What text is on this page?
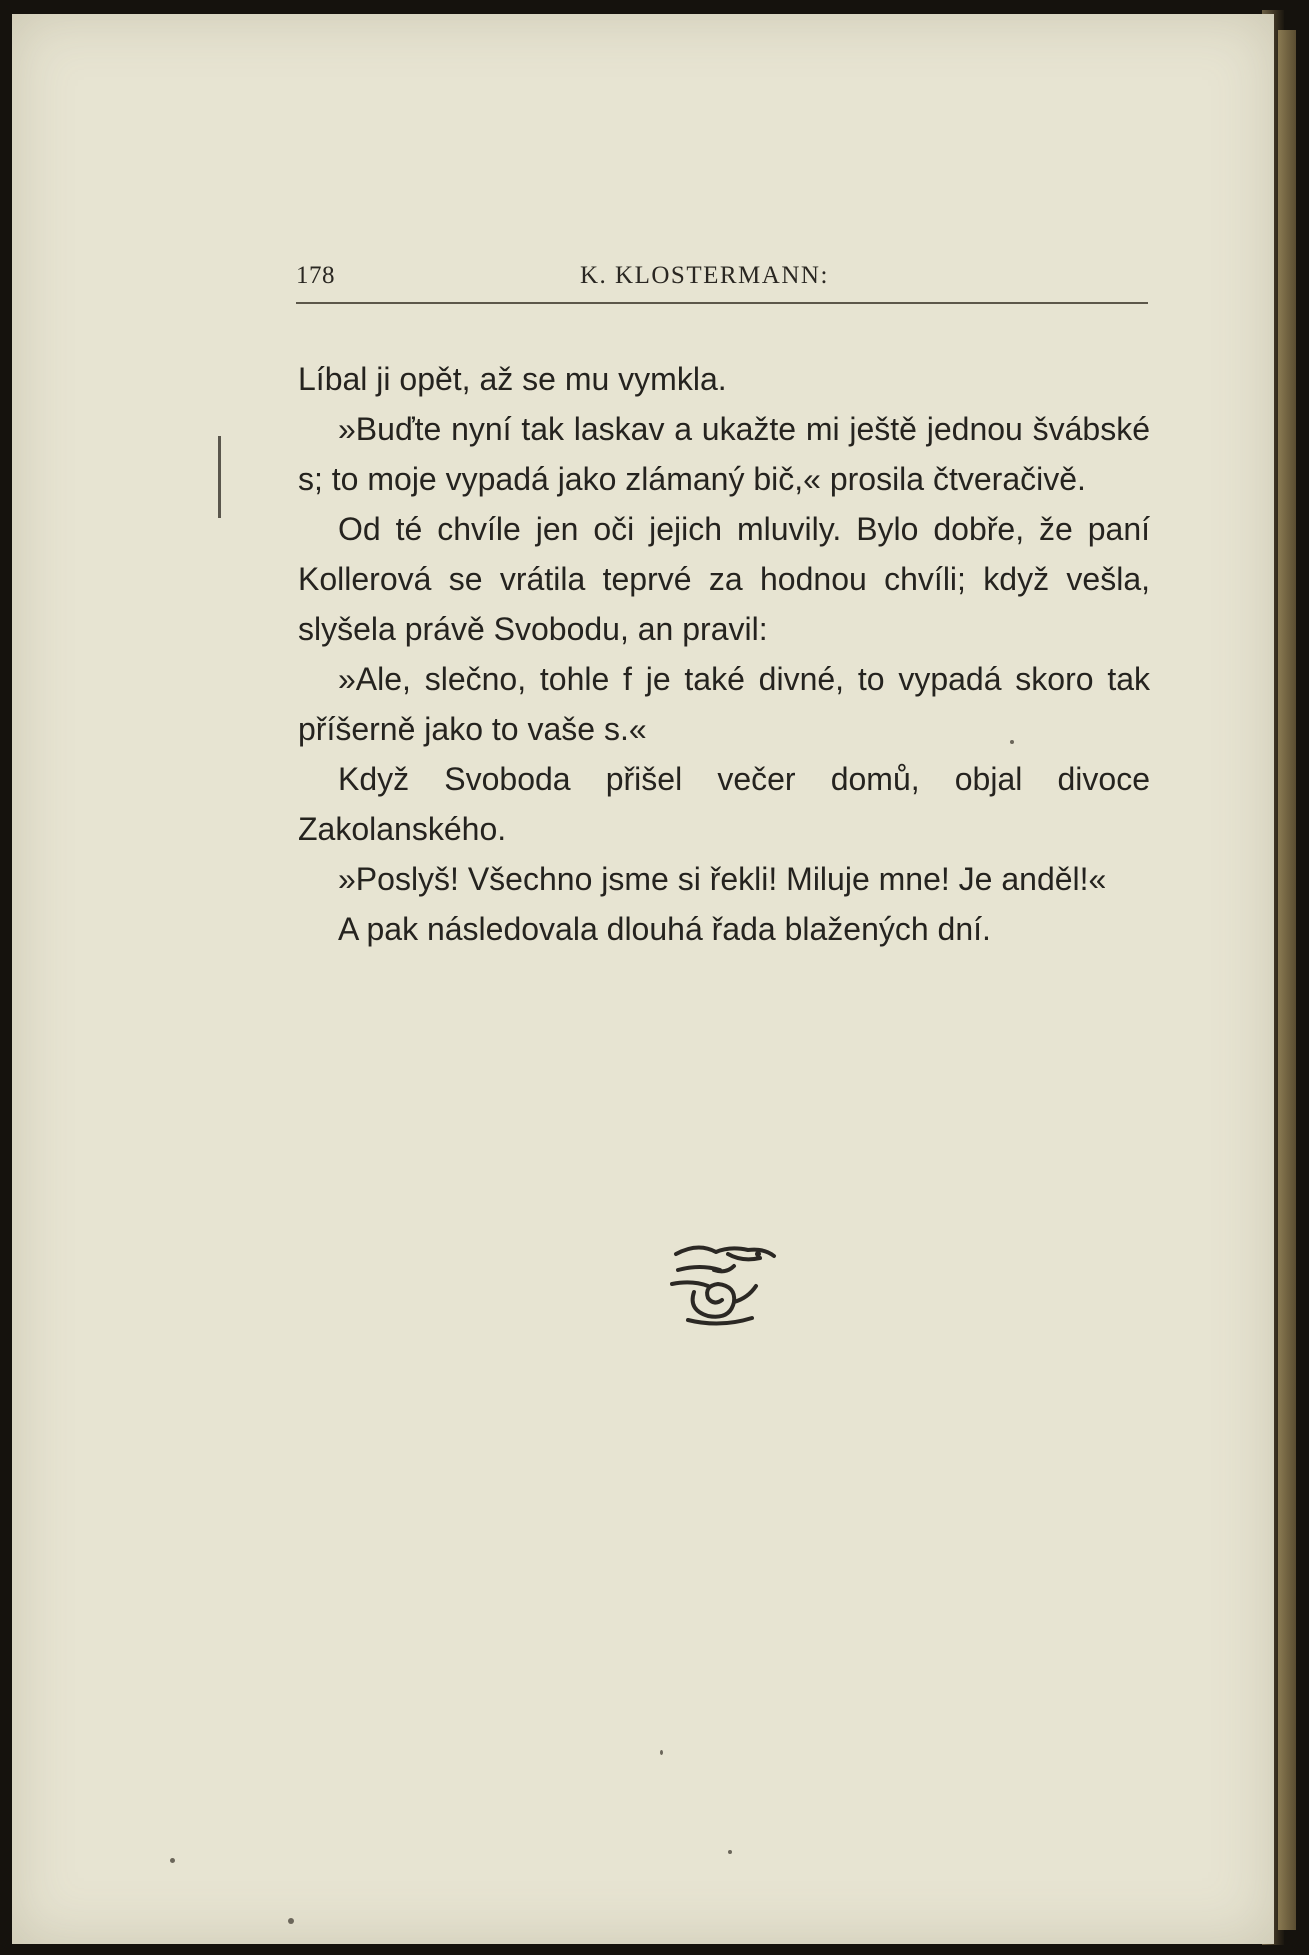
178	K. KLOSTERMANN:

Líbal ji opět, až se mu vymkla.

»Buďte nyní tak laskav a ukažte mi ještě jednou švábské s; to moje vypadá jako zlámaný bič,« prosila čtveračivě.

Od té chvíle jen oči jejich mluvily. Bylo dobře, že paní Kollerová se vrátila teprvé za hodnou chvíli; když vešla, slyšela právě Svobodu, an pravil:

»Ale, slečno, tohle f je také divné, to vypadá skoro tak příšerně jako to vaše s.«

Když Svoboda přišel večer domů, objal divoce Zakolanského.

»Poslyš! Všechno jsme si řekli! Miluje mne! Je anděl!«

A pak následovala dlouhá řada blažených dní.
